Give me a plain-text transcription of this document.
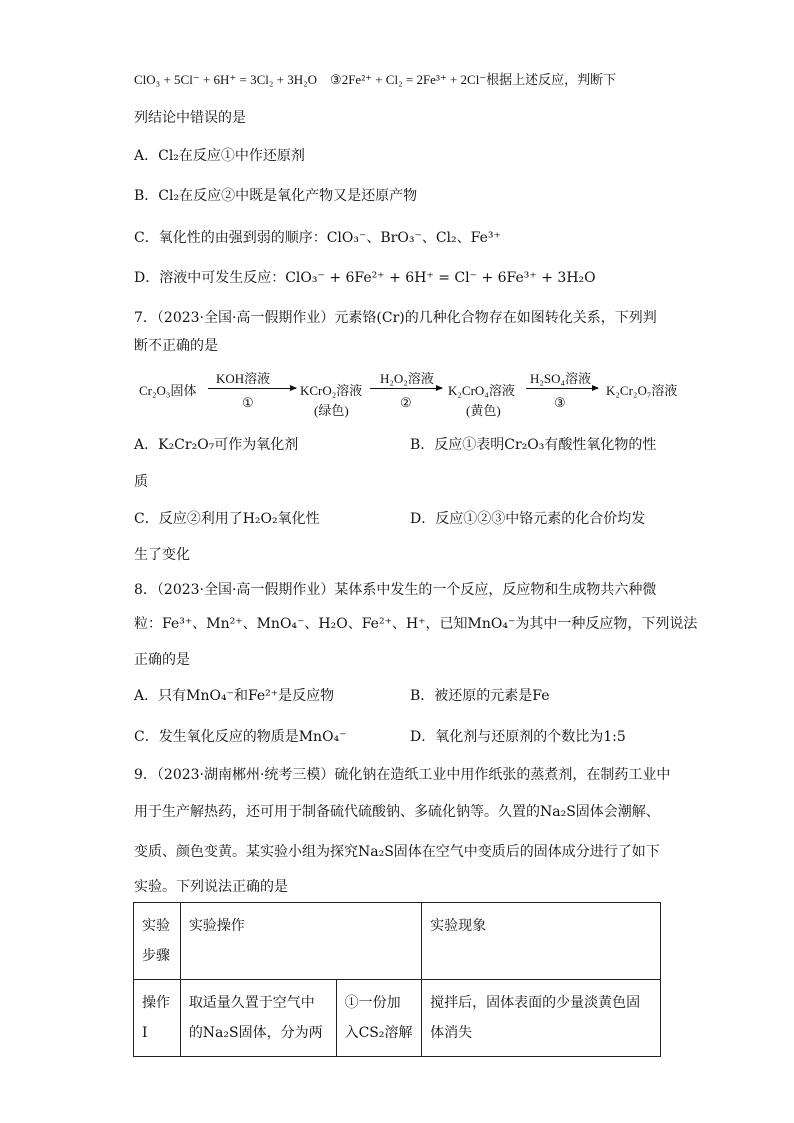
ClO₃ + 5Cl⁻ + 6H⁺ = 3Cl₂ + 3H₂O　③2Fe²⁺ + Cl₂ = 2Fe³⁺ + 2Cl⁻根据上述反应，判断下
列结论中错误的是
A．Cl₂在反应①中作还原剂
B．Cl₂在反应②中既是氧化产物又是还原产物
C．氧化性的由强到弱的顺序：ClO₃⁻、BrO₃⁻、Cl₂、Fe³⁺
D．溶液中可发生反应：ClO₃⁻ + 6Fe²⁺ + 6H⁺ = Cl⁻ + 6Fe³⁺ + 3H₂O
7．（2023·全国·高一假期作业）元素铬(Cr)的几种化合物存在如图转化关系，下列判
断不正确的是
Cr₂O₃固体
KOH溶液
①
KCrO₂溶液
(绿色)
H₂O₂溶液
②
K₂CrO₄溶液
(黄色)
H₂SO₄溶液
③
K₂Cr₂O₇溶液
A．K₂Cr₂O₇可作为氧化剂	B．反应①表明Cr₂O₃有酸性氧化物的性
质
C．反应②利用了H₂O₂氧化性	D．反应①②③中铬元素的化合价均发
生了变化
8．（2023·全国·高一假期作业）某体系中发生的一个反应，反应物和生成物共六种微
粒：Fe³⁺、Mn²⁺、MnO₄⁻、H₂O、Fe²⁺、H⁺，已知MnO₄⁻为其中一种反应物，下列说法
正确的是
A．只有MnO₄⁻和Fe²⁺是反应物	B．被还原的元素是Fe
C．发生氧化反应的物质是MnO₄⁻	D．氧化剂与还原剂的个数比为1:5
9．（2023·湖南郴州·统考三模）硫化钠在造纸工业中用作纸张的蒸煮剂，在制药工业中
用于生产解热药，还可用于制备硫代硫酸钠、多硫化钠等。久置的Na₂S固体会潮解、
变质、颜色变黄。某实验小组为探究Na₂S固体在空气中变质后的固体成分进行了如下
实验。下列说法正确的是
实验步骤	实验操作		实验现象
操作I	取适量久置于空气中的Na₂S固体，分为两	①一份加入CS₂溶解	搅拌后，固体表面的少量淡黄色固体消失
